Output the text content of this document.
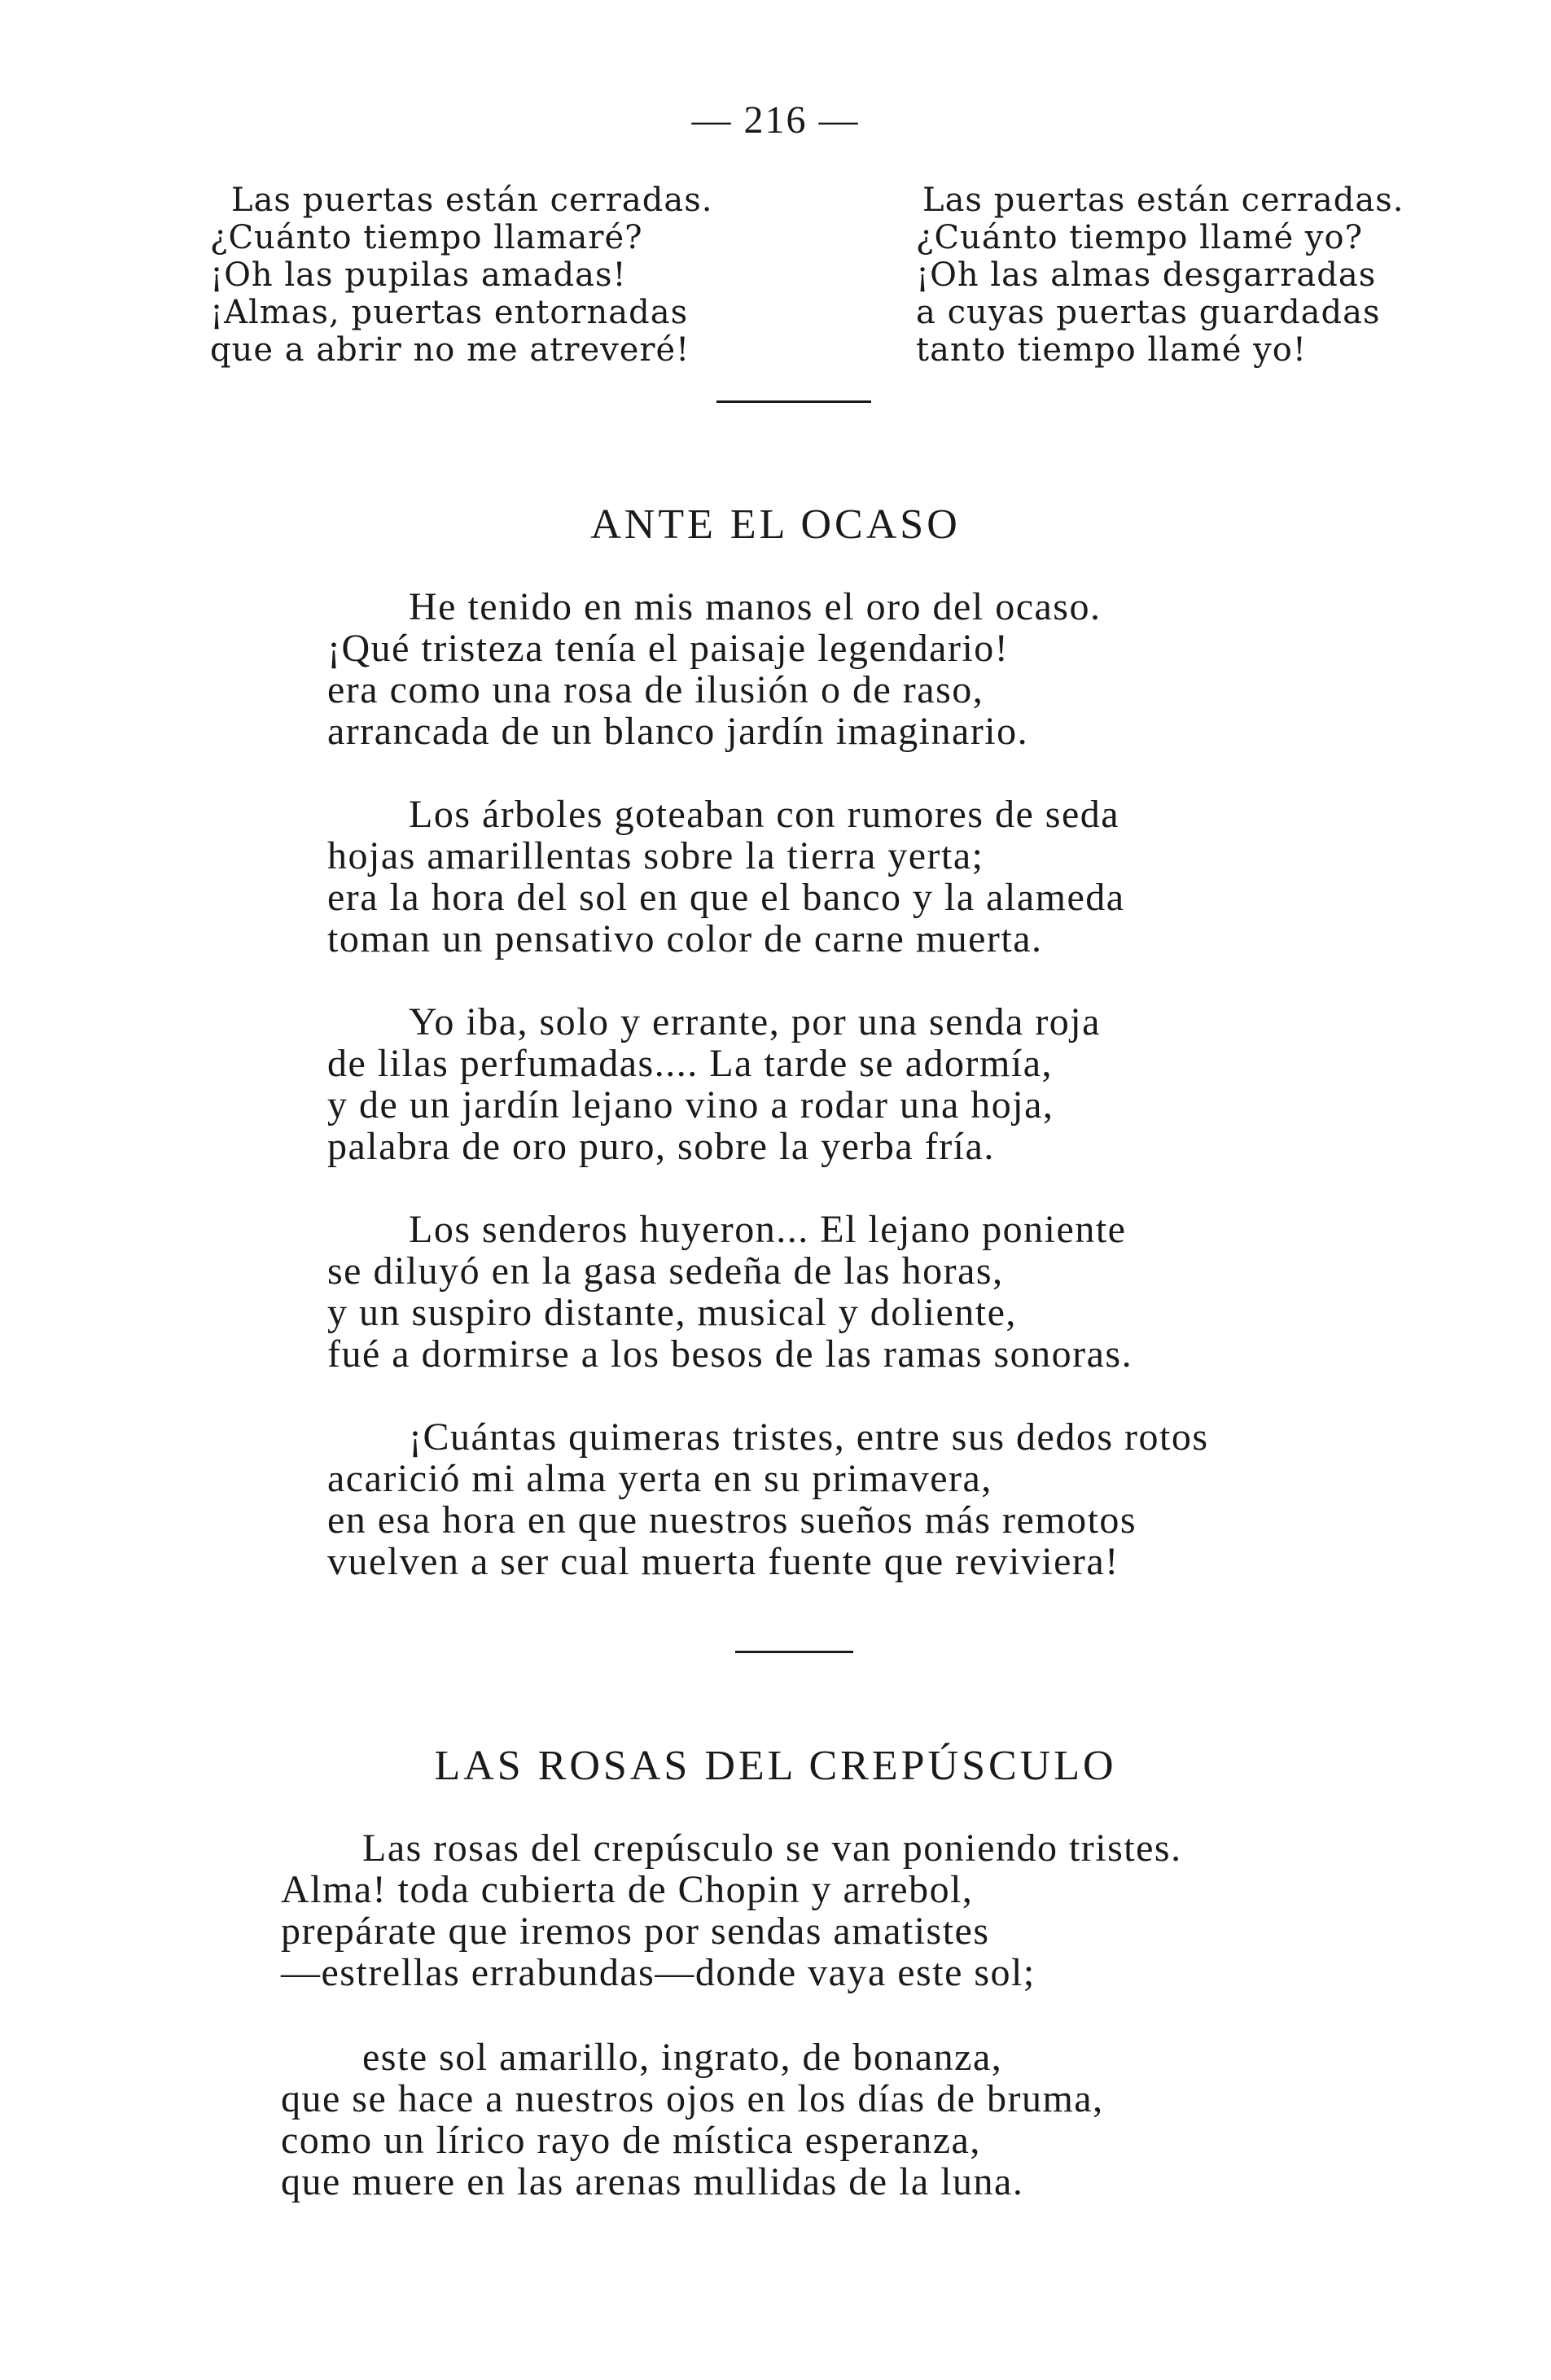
— 216 —
Las puertas están cerradas.
¿Cuánto tiempo llamaré?
¡Oh las pupilas amadas!
¡Almas, puertas entornadas
que a abrir no me atreveré!
Las puertas están cerradas.
¿Cuánto tiempo llamé yo?
¡Oh las almas desgarradas
a cuyas puertas guardadas
tanto tiempo llamé yo!
ANTE EL OCASO
He tenido en mis manos el oro del ocaso.
¡Qué tristeza tenía el paisaje legendario!
era como una rosa de ilusión o de raso,
arrancada de un blanco jardín imaginario.
Los árboles goteaban con rumores de seda
hojas amarillentas sobre la tierra yerta;
era la hora del sol en que el banco y la alameda
toman un pensativo color de carne muerta.
Yo iba, solo y errante, por una senda roja
de lilas perfumadas.... La tarde se adormía,
y de un jardín lejano vino a rodar una hoja,
palabra de oro puro, sobre la yerba fría.
Los senderos huyeron... El lejano poniente
se diluyó en la gasa sedeña de las horas,
y un suspiro distante, musical y doliente,
fué a dormirse a los besos de las ramas sonoras.
¡Cuántas quimeras tristes, entre sus dedos rotos
acarició mi alma yerta en su primavera,
en esa hora en que nuestros sueños más remotos
vuelven a ser cual muerta fuente que reviviera!
LAS ROSAS DEL CREPÚSCULO
Las rosas del crepúsculo se van poniendo tristes.
Alma! toda cubierta de Chopin y arrebol,
prepárate que iremos por sendas amatistes
—estrellas errabundas—donde vaya este sol;
este sol amarillo, ingrato, de bonanza,
que se hace a nuestros ojos en los días de bruma,
como un lírico rayo de mística esperanza,
que muere en las arenas mullidas de la luna.
